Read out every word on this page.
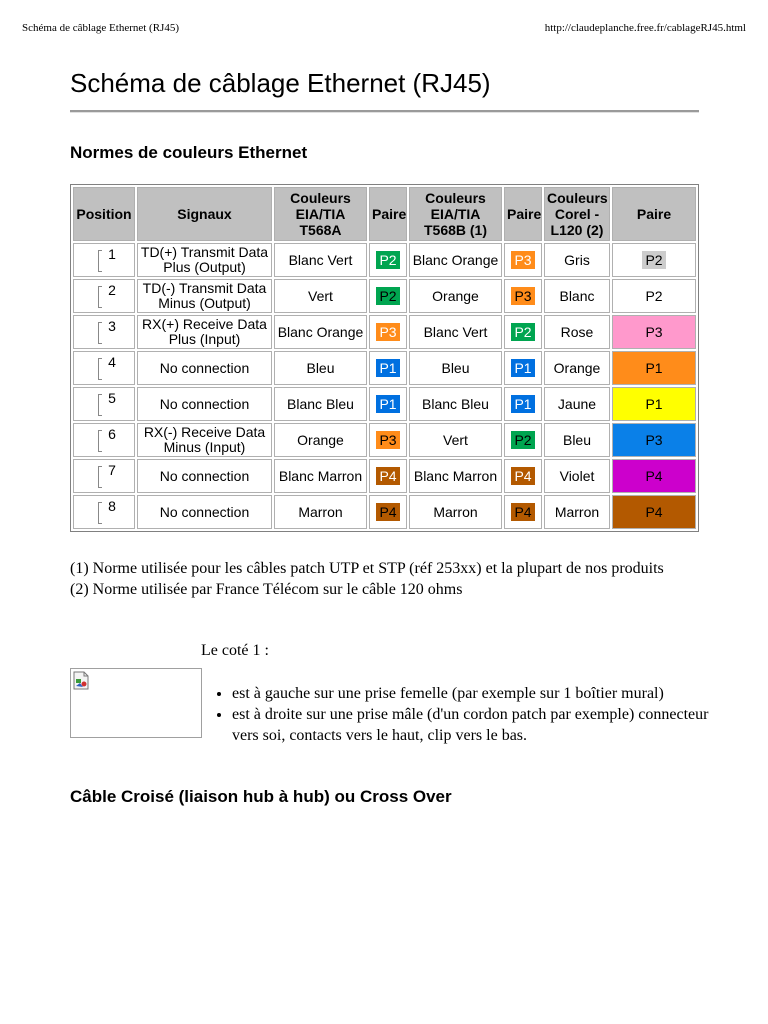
Schéma de câblage Ethernet (RJ45)	http://claudeplanche.free.fr/cablageRJ45.html
Schéma de câblage Ethernet (RJ45)
Normes de couleurs Ethernet
Position	Signaux	Couleurs EIA/TIA T568A	Paire	Couleurs EIA/TIA T568B (1)	Paire	Couleurs Corel - L120 (2)	Paire

1	TD(+) Transmit Data Plus (Output)	Blanc Vert	P2	Blanc Orange	P3	Gris	P2

2	TD(-) Transmit Data Minus (Output)	Vert	P2	Orange	P3	Blanc	P2

3	RX(+) Receive Data Plus (Input)	Blanc Orange	P3	Blanc Vert	P2	Rose	P3

4	No connection	Bleu	P1	Bleu	P1	Orange	P1

5	No connection	Blanc Bleu	P1	Blanc Bleu	P1	Jaune	P1

6	RX(-) Receive Data Minus (Input)	Orange	P3	Vert	P2	Bleu	P3

7	No connection	Blanc Marron	P4	Blanc Marron	P4	Violet	P4

8	No connection	Marron	P4	Marron	P4	Marron	P4
(1) Norme utilisée pour les câbles patch UTP et STP (réf 253xx) et la plupart de nos produits
(2) Norme utilisée par France Télécom sur le câble 120 ohms
Le coté 1 :
• est à gauche sur une prise femelle (par exemple sur 1 boîtier mural)
• est à droite sur une prise mâle (d'un cordon patch par exemple) connecteur vers soi, contacts vers le haut, clip vers le bas.
Câble Croisé (liaison hub à hub) ou Cross Over
